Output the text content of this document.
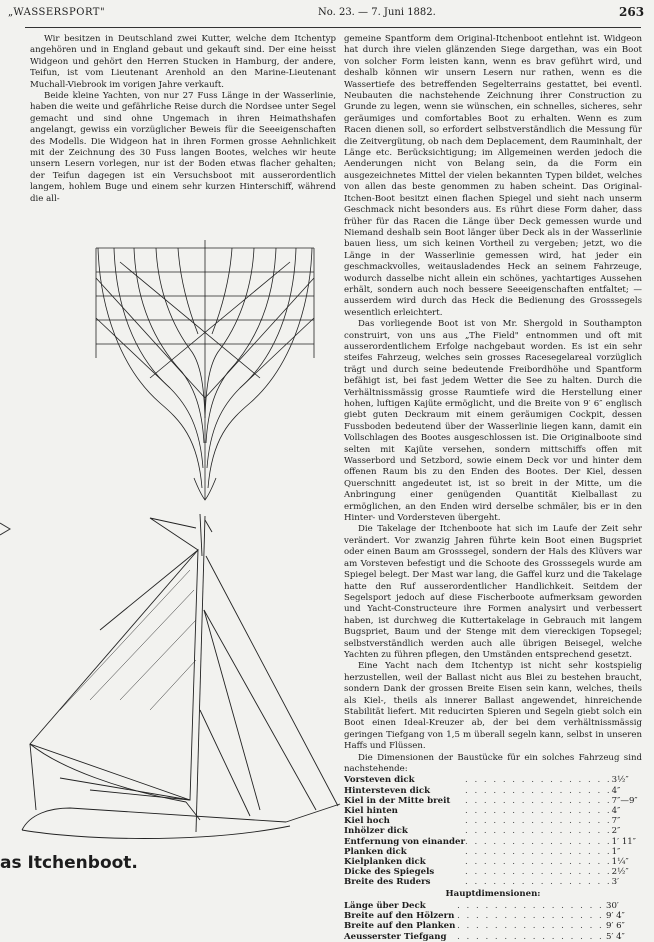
„WASSERSPORT"	No. 23. — 7. Juni 1882.	263

Wir besitzen in Deutschland zwei Kutter, welche dem Itchentyp angehören und in England gebaut und gekauft sind. Der eine heisst Widgeon und gehört den Herren Stucken in Hamburg, der andere, Teifun, ist vom Lieutenant Arenhold an den Marine-Lieutenant Muchall-Viebrook im vorigen Jahre verkauft.

Beide kleine Yachten, von nur 27 Fuss Länge in der Wasserlinie, haben die weite und gefährliche Reise durch die Nordsee unter Segel gemacht und sind ohne Ungemach in ihren Heimathshafen angelangt, gewiss ein vorzüglicher Beweis für die Seeeigenschaften des Modells. Die Widgeon hat in ihren Formen grosse Aehnlichkeit mit der Zeichnung des 30 Fuss langen Bootes, welches wir heute unsern Lesern vorlegen, nur ist der Boden etwas flacher gehalten; der Teifun dagegen ist ein Versuchsboot mit ausserordentlich langem, hohlem Buge und einem sehr kurzen Hinterschiff, während die all-

as Itchenboot.

gemeine Spantform dem Original-Itchenboot entlehnt ist. Widgeon hat durch ihre vielen glänzenden Siege dargethan, was ein Boot von solcher Form leisten kann, wenn es brav geführt wird, und deshalb können wir unsern Lesern nur rathen, wenn es die Wassertiefe des betreffenden Segelterrains gestattet, bei eventl. Neubauten die nachstehende Zeichnung ihrer Construction zu Grunde zu legen, wenn sie wünschen, ein schnelles, sicheres, sehr geräumiges und comfortables Boot zu erhalten. Wenn es zum Racen dienen soll, so erfordert selbstverständlich die Messung für die Zeitvergütung, ob nach dem Deplacement, dem Rauminhalt, der Länge etc. Berücksichtigung; im Allgemeinen werden jedoch die Aenderungen nicht von Belang sein, da die Form ein ausgezeichnetes Mittel der vielen bekannten Typen bildet, welches von allen das beste genommen zu haben scheint. Das Original-Itchen-Boot besitzt einen flachen Spiegel und sieht nach unserm Geschmack nicht besonders aus. Es rührt diese Form daher, dass früher für das Racen die Länge über Deck gemessen wurde und Niemand deshalb sein Boot länger über Deck als in der Wasserlinie bauen liess, um sich keinen Vortheil zu vergeben; jetzt, wo die Länge in der Wasserlinie gemessen wird, hat jeder ein geschmackvolles, weitausladendes Heck an seinem Fahrzeuge, wodurch dasselbe nicht allein ein schönes, yachtartiges Aussehen erhält, sondern auch noch bessere Seeeigenschaften entfaltet; — ausserdem wird durch das Heck die Bedienung des Grosssegels wesentlich erleichtert.

Das vorliegende Boot ist von Mr. Shergold in Southampton construirt, von uns aus „The Field" entnommen und oft mit ausserordentlichem Erfolge nachgebaut worden. Es ist ein sehr steifes Fahrzeug, welches sein grosses Racesegelareal vorzüglich trägt und durch seine bedeutende Freibordhöhe und Spantform befähigt ist, bei fast jedem Wetter die See zu halten. Durch die Verhältnissmässig grosse Raumtiefe wird die Herstellung einer hohen, luftigen Kajüte ermöglicht, und die Breite von 9′ 6″ englisch giebt guten Deckraum mit einem geräumigen Cockpit, dessen Fussboden bedeutend über der Wasserlinie liegen kann, damit ein Vollschlagen des Bootes ausgeschlossen ist. Die Originalboote sind selten mit Kajüte versehen, sondern mittschiffs offen mit Wasserbord und Setzbord, sowie einem Deck vor und hinter dem offenen Raum bis zu den Enden des Bootes. Der Kiel, dessen Querschnitt angedeutet ist, ist so breit in der Mitte, um die Anbringung einer genügenden Quantität Kielballast zu ermöglichen, an den Enden wird derselbe schmäler, bis er in den Hinter- und Vordersteven übergeht.

Die Takelage der Itchenboote hat sich im Laufe der Zeit sehr verändert. Vor zwanzig Jahren führte kein Boot einen Bugspriet oder einen Baum am Grosssegel, sondern der Hals des Klüvers war am Vorsteven befestigt und die Schoote des Grosssegels wurde am Spiegel belegt. Der Mast war lang, die Gaffel kurz und die Takelage hatte den Ruf ausserordentlicher Handlichkeit. Seitdem der Segelsport jedoch auf diese Fischerboote aufmerksam geworden und Yacht-Constructeure ihre Formen analysirt und verbessert haben, ist durchweg die Kuttertakelage in Gebrauch mit langem Bugspriet, Baum und der Stenge mit dem viereckigen Topsegel; selbstverständlich werden auch alle übrigen Beisegel, welche Yachten zu führen pflegen, den Umständen entsprechend gesetzt.

Eine Yacht nach dem Itchentyp ist nicht sehr kostspielig herzustellen, weil der Ballast nicht aus Blei zu bestehen braucht, sondern Dank der grossen Breite Eisen sein kann, welches, theils als Kiel-, theils als innerer Ballast angewendet, hinreichende Stabilität liefert. Mit reducirten Spieren und Segeln giebt solch ein Boot einen Ideal-Kreuzer ab, der bei dem verhältnissmässig geringen Tiefgang von 1,5 m überall segeln kann, selbst in unseren Haffs und Flüssen.

Die Dimensionen der Baustücke für ein solches Fahrzeug sind nachstehende:

Vorsteven dick	. . . . . . . . . . . . . . . .	3½″
Hintersteven dick	. . . . . . . . . . . . . . . .	4″
Kiel in der Mitte breit	. . . . . . . . . . . . . . . .	7″—9″
Kiel hinten	. . . . . . . . . . . . . . . .	4″
Kiel hoch	. . . . . . . . . . . . . . . .	7″
Inhölzer dick	. . . . . . . . . . . . . . . .	2″
Entfernung von einander	. . . . . . . . . . . . . . . .	1′ 11″
Planken dick	. . . . . . . . . . . . . . . .	1″
Kielplanken dick	. . . . . . . . . . . . . . . .	1¼″
Dicke des Spiegels	. . . . . . . . . . . . . . . .	2½″
Breite des Ruders	. . . . . . . . . . . . . . . .	3′
Hauptdimensionen:
Länge über Deck	. . . . . . . . . . . . . . . .	30′
Breite auf den Hölzern	. . . . . . . . . . . . . . . .	9′ 4″
Breite auf den Planken	. . . . . . . . . . . . . . . .	9′ 6″
Aeusserster Tiefgang	. . . . . . . . . . . . . . . .	5′ 4″
